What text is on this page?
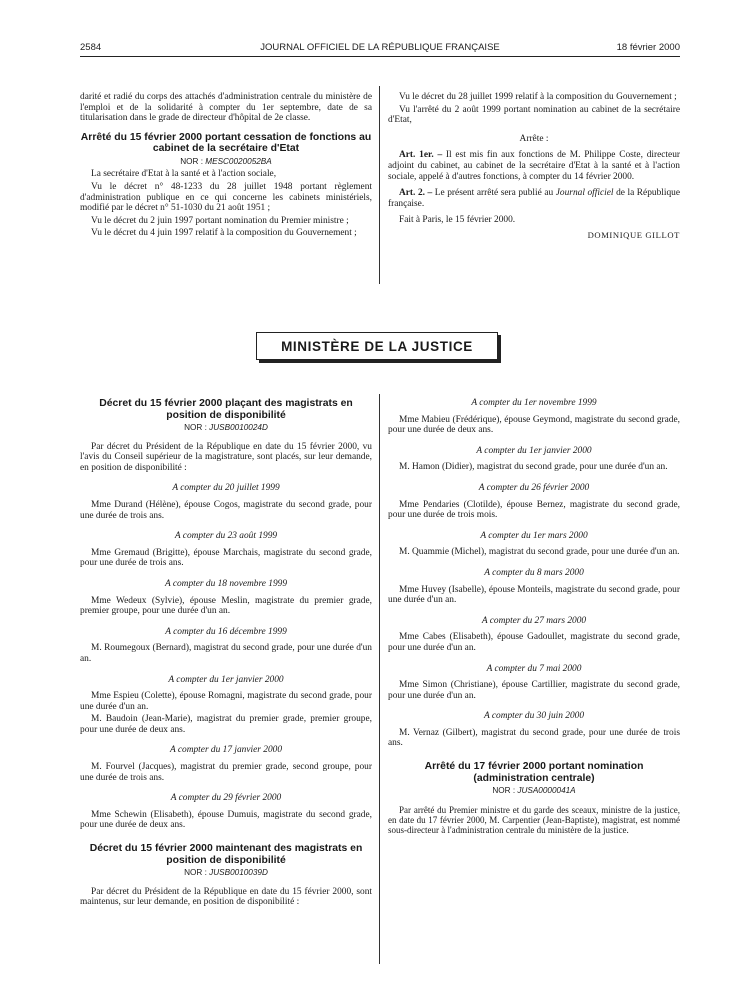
2584	JOURNAL OFFICIEL DE LA RÉPUBLIQUE FRANÇAISE	18 février 2000

darité et radié du corps des attachés d'administration centrale du ministère de l'emploi et de la solidarité à compter du 1er septembre, date de sa titularisation dans le grade de directeur d'hôpital de 2e classe.

Arrêté du 15 février 2000 portant cessation de fonctions au cabinet de la secrétaire d'Etat

NOR : MESC0020052BA

La secrétaire d'Etat à la santé et à l'action sociale,

Vu le décret n° 48-1233 du 28 juillet 1948 portant règlement d'administration publique en ce qui concerne les cabinets ministériels, modifié par le décret n° 51-1030 du 21 août 1951 ;

Vu le décret du 2 juin 1997 portant nomination du Premier ministre ;

Vu le décret du 4 juin 1997 relatif à la composition du Gouvernement ;

Vu le décret du 28 juillet 1999 relatif à la composition du Gouvernement ;

Vu l'arrêté du 2 août 1999 portant nomination au cabinet de la secrétaire d'Etat,

Arrête :

Art. 1er. – Il est mis fin aux fonctions de M. Philippe Coste, directeur adjoint du cabinet, au cabinet de la secrétaire d'Etat à la santé et à l'action sociale, appelé à d'autres fonctions, à compter du 14 février 2000.

Art. 2. – Le présent arrêté sera publié au Journal officiel de la République française.

Fait à Paris, le 15 février 2000.

DOMINIQUE GILLOT

MINISTÈRE DE LA JUSTICE

Décret du 15 février 2000 plaçant des magistrats en position de disponibilité

NOR : JUSB0010024D

Par décret du Président de la République en date du 15 février 2000, vu l'avis du Conseil supérieur de la magistrature, sont placés, sur leur demande, en position de disponibilité :

A compter du 20 juillet 1999

Mme Durand (Hélène), épouse Cogos, magistrate du second grade, pour une durée de trois ans.

A compter du 23 août 1999

Mme Gremaud (Brigitte), épouse Marchais, magistrate du second grade, pour une durée de trois ans.

A compter du 18 novembre 1999

Mme Wedeux (Sylvie), épouse Meslin, magistrate du premier grade, premier groupe, pour une durée d'un an.

A compter du 16 décembre 1999

M. Roumegoux (Bernard), magistrat du second grade, pour une durée d'un an.

A compter du 1er janvier 2000

Mme Espieu (Colette), épouse Romagni, magistrate du second grade, pour une durée d'un an.

M. Baudoin (Jean-Marie), magistrat du premier grade, premier groupe, pour une durée de deux ans.

A compter du 17 janvier 2000

M. Fourvel (Jacques), magistrat du premier grade, second groupe, pour une durée de trois ans.

A compter du 29 février 2000

Mme Schewin (Elisabeth), épouse Dumuis, magistrate du second grade, pour une durée de deux ans.

Décret du 15 février 2000 maintenant des magistrats en position de disponibilité

NOR : JUSB0010039D

Par décret du Président de la République en date du 15 février 2000, sont maintenus, sur leur demande, en position de disponibilité :

A compter du 1er novembre 1999

Mme Mabieu (Frédérique), épouse Geymond, magistrate du second grade, pour une durée de deux ans.

A compter du 1er janvier 2000

M. Hamon (Didier), magistrat du second grade, pour une durée d'un an.

A compter du 26 février 2000

Mme Pendaries (Clotilde), épouse Bernez, magistrate du second grade, pour une durée de trois mois.

A compter du 1er mars 2000

M. Quammie (Michel), magistrat du second grade, pour une durée d'un an.

A compter du 8 mars 2000

Mme Huvey (Isabelle), épouse Monteils, magistrate du second grade, pour une durée d'un an.

A compter du 27 mars 2000

Mme Cabes (Elisabeth), épouse Gadoullet, magistrate du second grade, pour une durée d'un an.

A compter du 7 mai 2000

Mme Simon (Christiane), épouse Cartillier, magistrate du second grade, pour une durée d'un an.

A compter du 30 juin 2000

M. Vernaz (Gilbert), magistrat du second grade, pour une durée de trois ans.

Arrêté du 17 février 2000 portant nomination (administration centrale)

NOR : JUSA0000041A

Par arrêté du Premier ministre et du garde des sceaux, ministre de la justice, en date du 17 février 2000, M. Carpentier (Jean-Baptiste), magistrat, est nommé sous-directeur à l'administration centrale du ministère de la justice.
